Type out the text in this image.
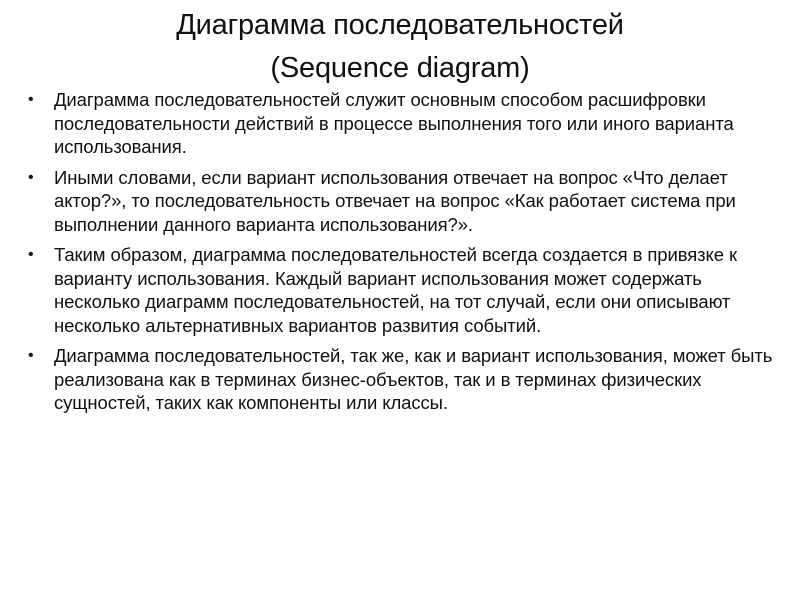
Диаграмма последовательностей
(Sequence diagram)
• Диаграмма последовательностей служит основным способом расшифровки последовательности действий в процессе выполнения того или иного варианта использования.
• Иными словами, если вариант использования отвечает на вопрос «Что делает актор?», то последовательность отвечает на вопрос «Как работает система при выполнении данного варианта использования?».
• Таким образом, диаграмма последовательностей всегда создается в привязке к варианту использования. Каждый вариант использования может содержать несколько диаграмм последовательностей, на тот случай, если они описывают несколько альтернативных вариантов развития событий.
• Диаграмма последовательностей, так же, как и вариант использования, может быть реализована как в терминах бизнес-объектов, так и в терминах физических сущностей, таких как компоненты или классы.
